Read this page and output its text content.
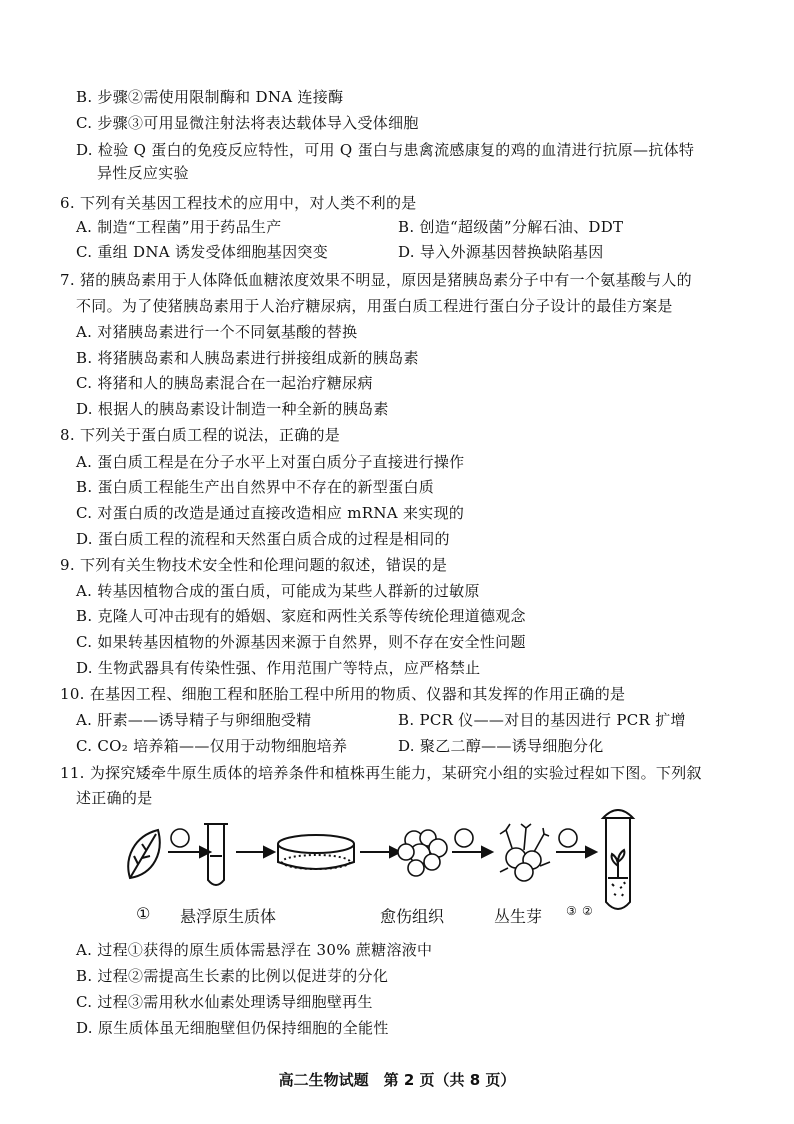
B. 步骤②需使用限制酶和 DNA 连接酶
C. 步骤③可用显微注射法将表达载体导入受体细胞
D. 检验 Q 蛋白的免疫反应特性，可用 Q 蛋白与患禽流感康复的鸡的血清进行抗原—抗体特
异性反应实验
6. 下列有关基因工程技术的应用中，对人类不利的是
A. 制造“工程菌”用于药品生产	B. 创造“超级菌”分解石油、DDT
C. 重组 DNA 诱发受体细胞基因突变	D. 导入外源基因替换缺陷基因
7. 猪的胰岛素用于人体降低血糖浓度效果不明显，原因是猪胰岛素分子中有一个氨基酸与人的
不同。为了使猪胰岛素用于人治疗糖尿病，用蛋白质工程进行蛋白分子设计的最佳方案是
A. 对猪胰岛素进行一个不同氨基酸的替换
B. 将猪胰岛素和人胰岛素进行拼接组成新的胰岛素
C. 将猪和人的胰岛素混合在一起治疗糖尿病
D. 根据人的胰岛素设计制造一种全新的胰岛素
8. 下列关于蛋白质工程的说法，正确的是
A. 蛋白质工程是在分子水平上对蛋白质分子直接进行操作
B. 蛋白质工程能生产出自然界中不存在的新型蛋白质
C. 对蛋白质的改造是通过直接改造相应 mRNA 来实现的
D. 蛋白质工程的流程和天然蛋白质合成的过程是相同的
9. 下列有关生物技术安全性和伦理问题的叙述，错误的是
A. 转基因植物合成的蛋白质，可能成为某些人群新的过敏原
B. 克隆人可冲击现有的婚姻、家庭和两性关系等传统伦理道德观念
C. 如果转基因植物的外源基因来源于自然界，则不存在安全性问题
D. 生物武器具有传染性强、作用范围广等特点，应严格禁止
10. 在基因工程、细胞工程和胚胎工程中所用的物质、仪器和其发挥的作用正确的是
A. 肝素——诱导精子与卵细胞受精	B. PCR 仪——对目的基因进行 PCR 扩增
C. CO₂ 培养箱——仅用于动物细胞培养	D. 聚乙二醇——诱导细胞分化
11. 为探究矮牵牛原生质体的培养条件和植株再生能力，某研究小组的实验过程如下图。下列叙
述正确的是
① 悬浮原生质体	愈伤组织	丛生芽	②
③
A. 过程①获得的原生质体需悬浮在 30% 蔗糖溶液中
B. 过程②需提高生长素的比例以促进芽的分化
C. 过程③需用秋水仙素处理诱导细胞壁再生
D. 原生质体虽无细胞壁但仍保持细胞的全能性
高二生物试题　第 2 页（共 8 页）
